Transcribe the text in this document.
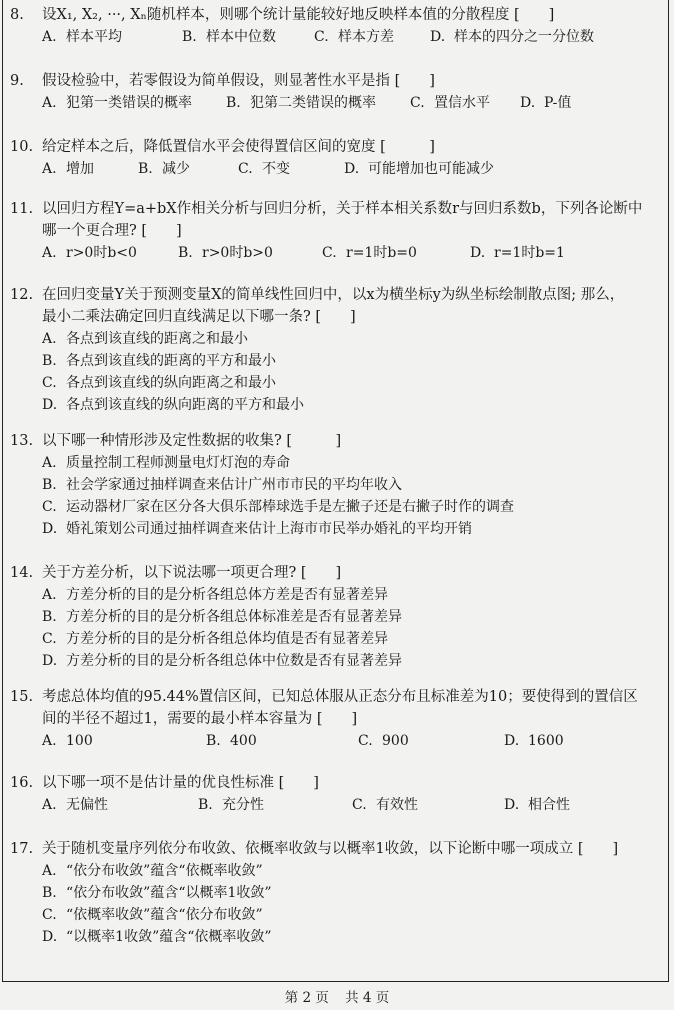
8. 设X₁, X₂, ···, Xₙ随机样本，则哪个统计量能较好地反映样本值的分散程度 [　　]

A. 样本平均	B. 样本中位数	C. 样本方差	D. 样本的四分之一分位数

9. 假设检验中，若零假设为简单假设，则显著性水平是指 [　　]

A. 犯第一类错误的概率 B. 犯第二类错误的概率 C. 置信水平 D. P-值

10. 给定样本之后，降低置信水平会使得置信区间的宽度 [　　　]

A. 增加	B. 减少	C. 不变	D. 可能增加也可能减少

11. 以回归方程Y=a+bX作相关分析与回归分析，关于样本相关系数r与回归系数b，下列各论断中

哪一个更合理? [　　]

A. r>0时b<0	B. r>0时b>0	C. r=1时b=0	D. r=1时b=1

12. 在回归变量Y关于预测变量X的简单线性回归中，以x为横坐标y为纵坐标绘制散点图; 那么，

最小二乘法确定回归直线满足以下哪一条? [　　]

A. 各点到该直线的距离之和最小
B. 各点到该直线的距离的平方和最小
C. 各点到该直线的纵向距离之和最小
D. 各点到该直线的纵向距离的平方和最小

13. 以下哪一种情形涉及定性数据的收集? [　　　]

A. 质量控制工程师测量电灯灯泡的寿命
B. 社会学家通过抽样调查来估计广州市市民的平均年收入
C. 运动器材厂家在区分各大俱乐部棒球选手是左撇子还是右撇子时作的调查
D. 婚礼策划公司通过抽样调查来估计上海市市民举办婚礼的平均开销

14. 关于方差分析，以下说法哪一项更合理? [　　]

A. 方差分析的目的是分析各组总体方差是否有显著差异
B. 方差分析的目的是分析各组总体标准差是否有显著差异
C. 方差分析的目的是分析各组总体均值是否有显著差异
D. 方差分析的目的是分析各组总体中位数是否有显著差异

15. 考虑总体均值的95.44%置信区间，已知总体服从正态分布且标准差为10；要使得到的置信区

间的半径不超过1，需要的最小样本容量为 [　　]

A. 100	B. 400	C. 900	D. 1600

16. 以下哪一项不是估计量的优良性标准 [　　]

A. 无偏性	B. 充分性	C. 有效性	D. 相合性

17. 关于随机变量序列依分布收敛、依概率收敛与以概率1收敛，以下论断中哪一项成立 [　　]

A. “依分布收敛”蕴含“依概率收敛”
B. “依分布收敛”蕴含“以概率1收敛”
C. “依概率收敛”蕴含“依分布收敛”
D. “以概率1收敛”蕴含“依概率收敛”
第 2 页 共 4 页
